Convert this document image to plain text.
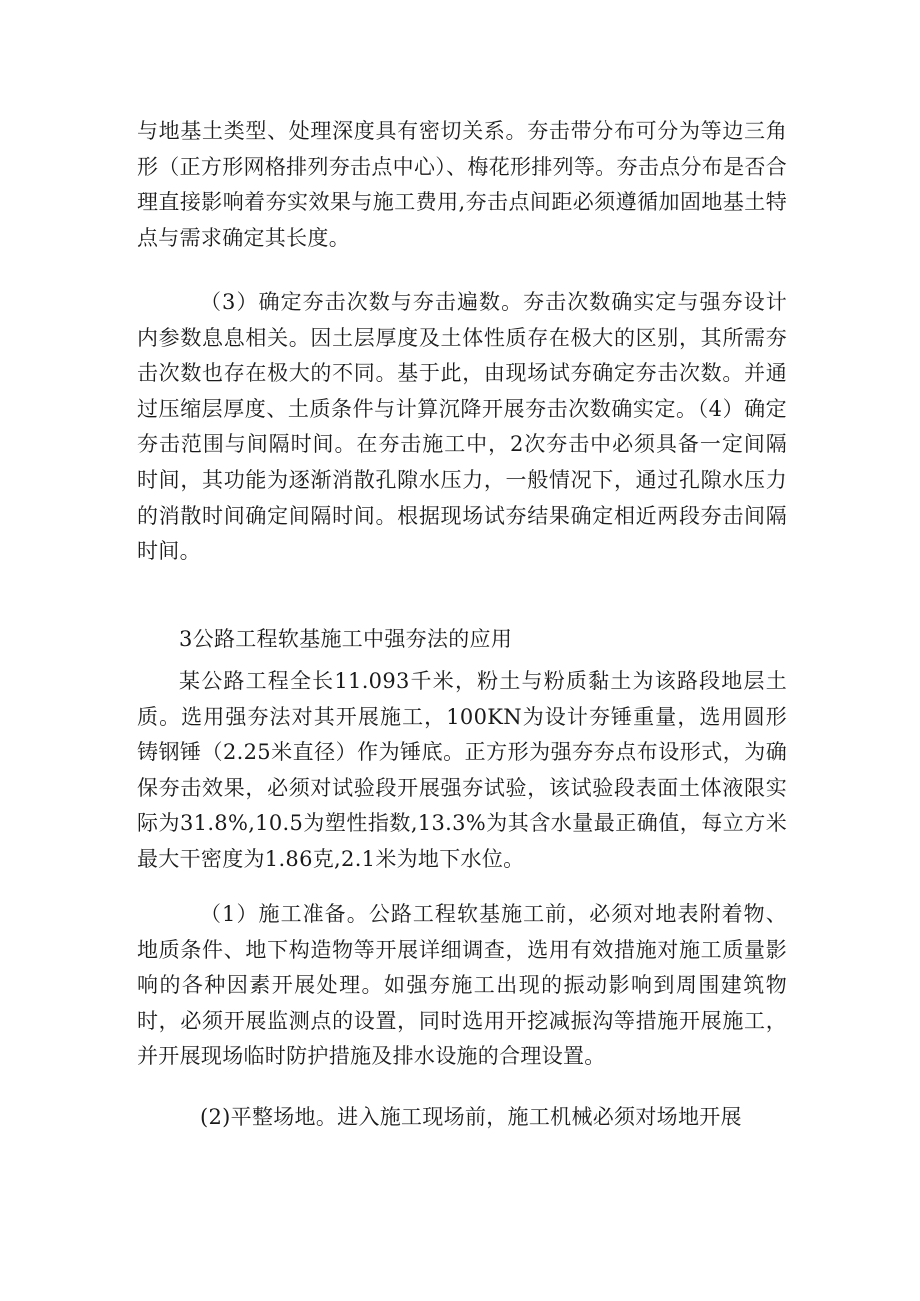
与地基土类型、处理深度具有密切关系。夯击带分布可分为等边三角形（正方形网格排列夯击点中心）、梅花形排列等。夯击点分布是否合理直接影响着夯实效果与施工费用,夯击点间距必须遵循加固地基土特点与需求确定其长度。

（3）确定夯击次数与夯击遍数。夯击次数确实定与强夯设计内参数息息相关。因土层厚度及土体性质存在极大的区别，其所需夯击次数也存在极大的不同。基于此，由现场试夯确定夯击次数。并通过压缩层厚度、土质条件与计算沉降开展夯击次数确实定。（4）确定夯击范围与间隔时间。在夯击施工中，2次夯击中必须具备一定间隔时间，其功能为逐渐消散孔隙水压力，一般情况下，通过孔隙水压力的消散时间确定间隔时间。根据现场试夯结果确定相近两段夯击间隔时间。

3公路工程软基施工中强夯法的应用

某公路工程全长11.093千米，粉土与粉质黏土为该路段地层土质。选用强夯法对其开展施工，100KN为设计夯锤重量，选用圆形铸钢锤（2.25米直径）作为锤底。正方形为强夯夯点布设形式，为确保夯击效果，必须对试验段开展强夯试验，该试验段表面土体液限实际为31.8%,10.5为塑性指数,13.3%为其含水量最正确值，每立方米最大干密度为1.86克,2.1米为地下水位。

（1）施工准备。公路工程软基施工前，必须对地表附着物、地质条件、地下构造物等开展详细调查，选用有效措施对施工质量影响的各种因素开展处理。如强夯施工出现的振动影响到周围建筑物时，必须开展监测点的设置，同时选用开挖减振沟等措施开展施工，并开展现场临时防护措施及排水设施的合理设置。

(2)平整场地。进入施工现场前，施工机械必须对场地开展
